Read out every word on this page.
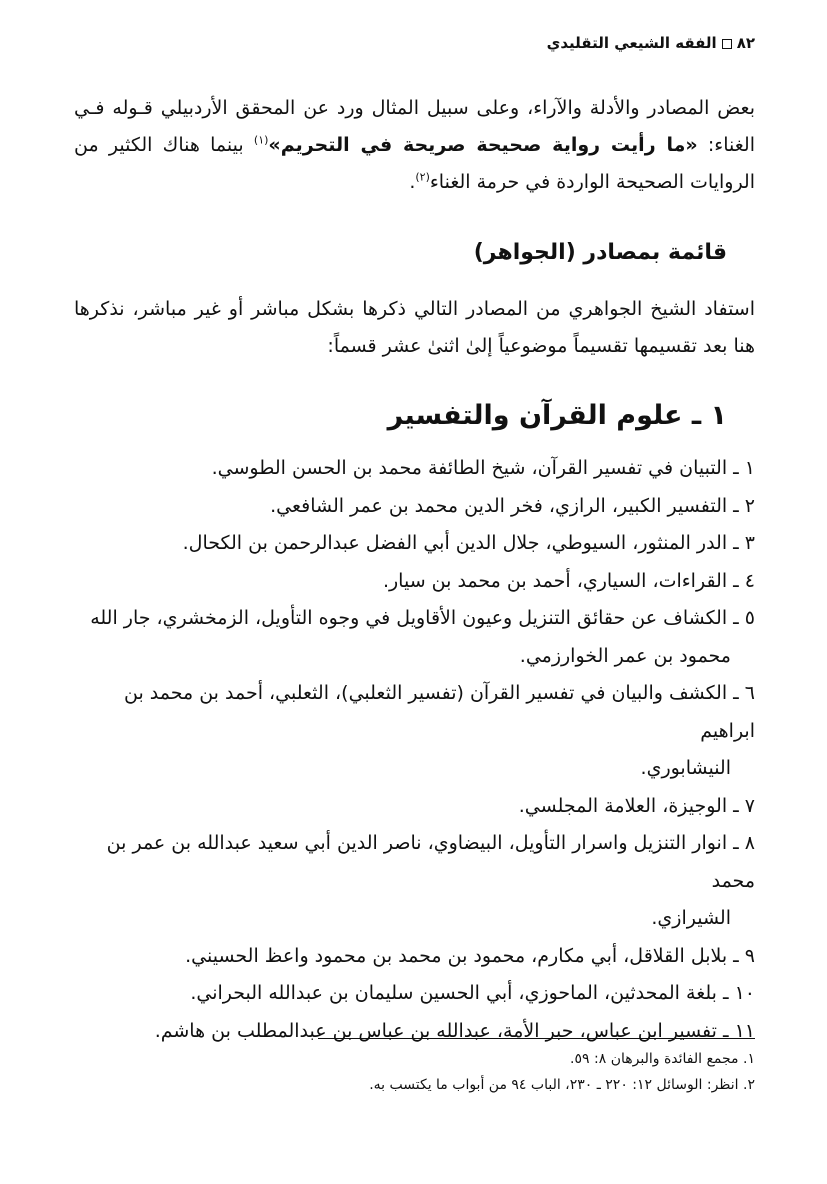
٨٢الفقه الشيعي التقليدي

بعض المصادر والأدلة والآراء، وعلى سبيل المثال ورد عن المحقق الأردبيلي قـوله فـي الغناء: «ما رأيت رواية صحيحة صريحة في التحريم»$^{(١)}$ بينما هناك الكثير من الروايات الصحيحة الواردة في حرمة الغناء$^{(٢)}$.

قائمة بمصادر (الجواهر)

استفاد الشيخ الجواهري من المصادر التالي ذكرها بشكل مباشر أو غير مباشر، نذكرها هنا بعد تقسيمها تقسيماً موضوعياً إلىٰ اثنىٰ عشر قسماً:

١ ـ علوم القرآن والتفسير
١ ـ التبيان في تفسير القرآن، شيخ الطائفة محمد بن الحسن الطوسي.
٢ ـ التفسير الكبير، الرازي، فخر الدين محمد بن عمر الشافعي.
٣ ـ الدر المنثور، السيوطي، جلال الدين أبي الفضل عبدالرحمن بن الكحال.
٤ ـ القراءات، السياري، أحمد بن محمد بن سيار.
٥ ـ الكشاف عن حقائق التنزيل وعيون الأقاويل في وجوه التأويل، الزمخشري، جار الله
محمود بن عمر الخوارزمي.
٦ ـ الكشف والبيان في تفسير القرآن (تفسير الثعلبي)، الثعلبي، أحمد بن محمد بن ابراهيم
النيشابوري.
٧ ـ الوجيزة، العلامة المجلسي.
٨ ـ انوار التنزيل واسرار التأويل، البيضاوي، ناصر الدين أبي سعيد عبدالله بن عمر بن محمد
الشيرازي.
٩ ـ بلابل القلاقل، أبي مكارم، محمود بن محمد بن محمود واعظ الحسيني.
١٠ ـ بلغة المحدثين، الماحوزي، أبي الحسين سليمان بن عبدالله البحراني.
١١ ـ تفسير ابن عباس، حبر الأمة، عبدالله بن عباس بن عبدالمطلب بن هاشم.
١. مجمع الفائدة والبرهان ٨: ٥٩.
٢. انظر: الوسائل ١٢: ٢٢٠ ـ ٢٣٠، الباب ٩٤ من أبواب ما يكتسب به.
